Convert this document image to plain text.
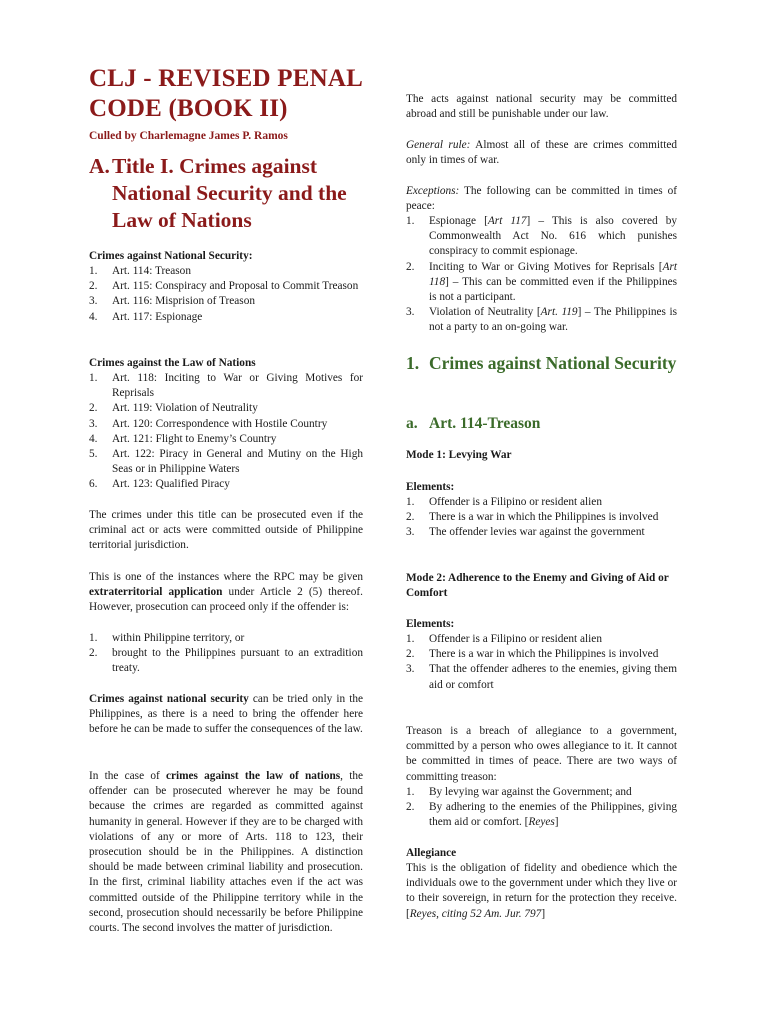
CLJ - REVISED PENAL CODE (BOOK II)

Culled by Charlemagne James P. Ramos

A. Title I. Crimes against National Security and the Law of Nations

Crimes against National Security:

1. Art. 114: Treason
2. Art. 115: Conspiracy and Proposal to Commit Treason
3. Art. 116: Misprision of Treason
4. Art. 117: Espionage

Crimes against the Law of Nations

1. Art. 118: Inciting to War or Giving Motives for Reprisals
2. Art. 119: Violation of Neutrality
3. Art. 120: Correspondence with Hostile Country
4. Art. 121: Flight to Enemy’s Country
5. Art. 122: Piracy in General and Mutiny on the High Seas or in Philippine Waters
6. Art. 123: Qualified Piracy

The crimes under this title can be prosecuted even if the criminal act or acts were committed outside of Philippine territorial jurisdiction.

This is one of the instances where the RPC may be given extraterritorial application under Article 2 (5) thereof. However, prosecution can proceed only if the offender is:

1. within Philippine territory, or
2. brought to the Philippines pursuant to an extradition treaty.

Crimes against national security can be tried only in the Philippines, as there is a need to bring the offender here before he can be made to suffer the consequences of the law.

In the case of crimes against the law of nations, the offender can be prosecuted wherever he may be found because the crimes are regarded as committed against humanity in general. However if they are to be charged with violations of any or more of Arts. 118 to 123, their prosecution should be in the Philippines. A distinction should be made between criminal liability and prosecution. In the first, criminal liability attaches even if the act was committed outside of the Philippine territory while in the second, prosecution should necessarily be before Philippine courts. The second involves the matter of jurisdiction.

The acts against national security may be committed abroad and still be punishable under our law.

General rule: Almost all of these are crimes committed only in times of war.

Exceptions: The following can be committed in times of peace:

1. Espionage [Art 117] – This is also covered by Commonwealth Act No. 616 which punishes conspiracy to commit espionage.
2. Inciting to War or Giving Motives for Reprisals [Art 118] – This can be committed even if the Philippines is not a participant.
3. Violation of Neutrality [Art. 119] – The Philippines is not a party to an on-going war.
1. Crimes against National Security
a. Art. 114-Treason

Mode 1: Levying War

Elements:

1. Offender is a Filipino or resident alien
2. There is a war in which the Philippines is involved
3. The offender levies war against the government

Mode 2: Adherence to the Enemy and Giving of Aid or Comfort

Elements:

1. Offender is a Filipino or resident alien
2. There is a war in which the Philippines is involved
3. That the offender adheres to the enemies, giving them aid or comfort

Treason is a breach of allegiance to a government, committed by a person who owes allegiance to it. It cannot be committed in times of peace. There are two ways of committing treason:

1. By levying war against the Government; and
2. By adhering to the enemies of the Philippines, giving them aid or comfort. [Reyes]

Allegiance

This is the obligation of fidelity and obedience which the individuals owe to the government under which they live or to their sovereign, in return for the protection they receive. [Reyes, citing 52 Am. Jur. 797]
